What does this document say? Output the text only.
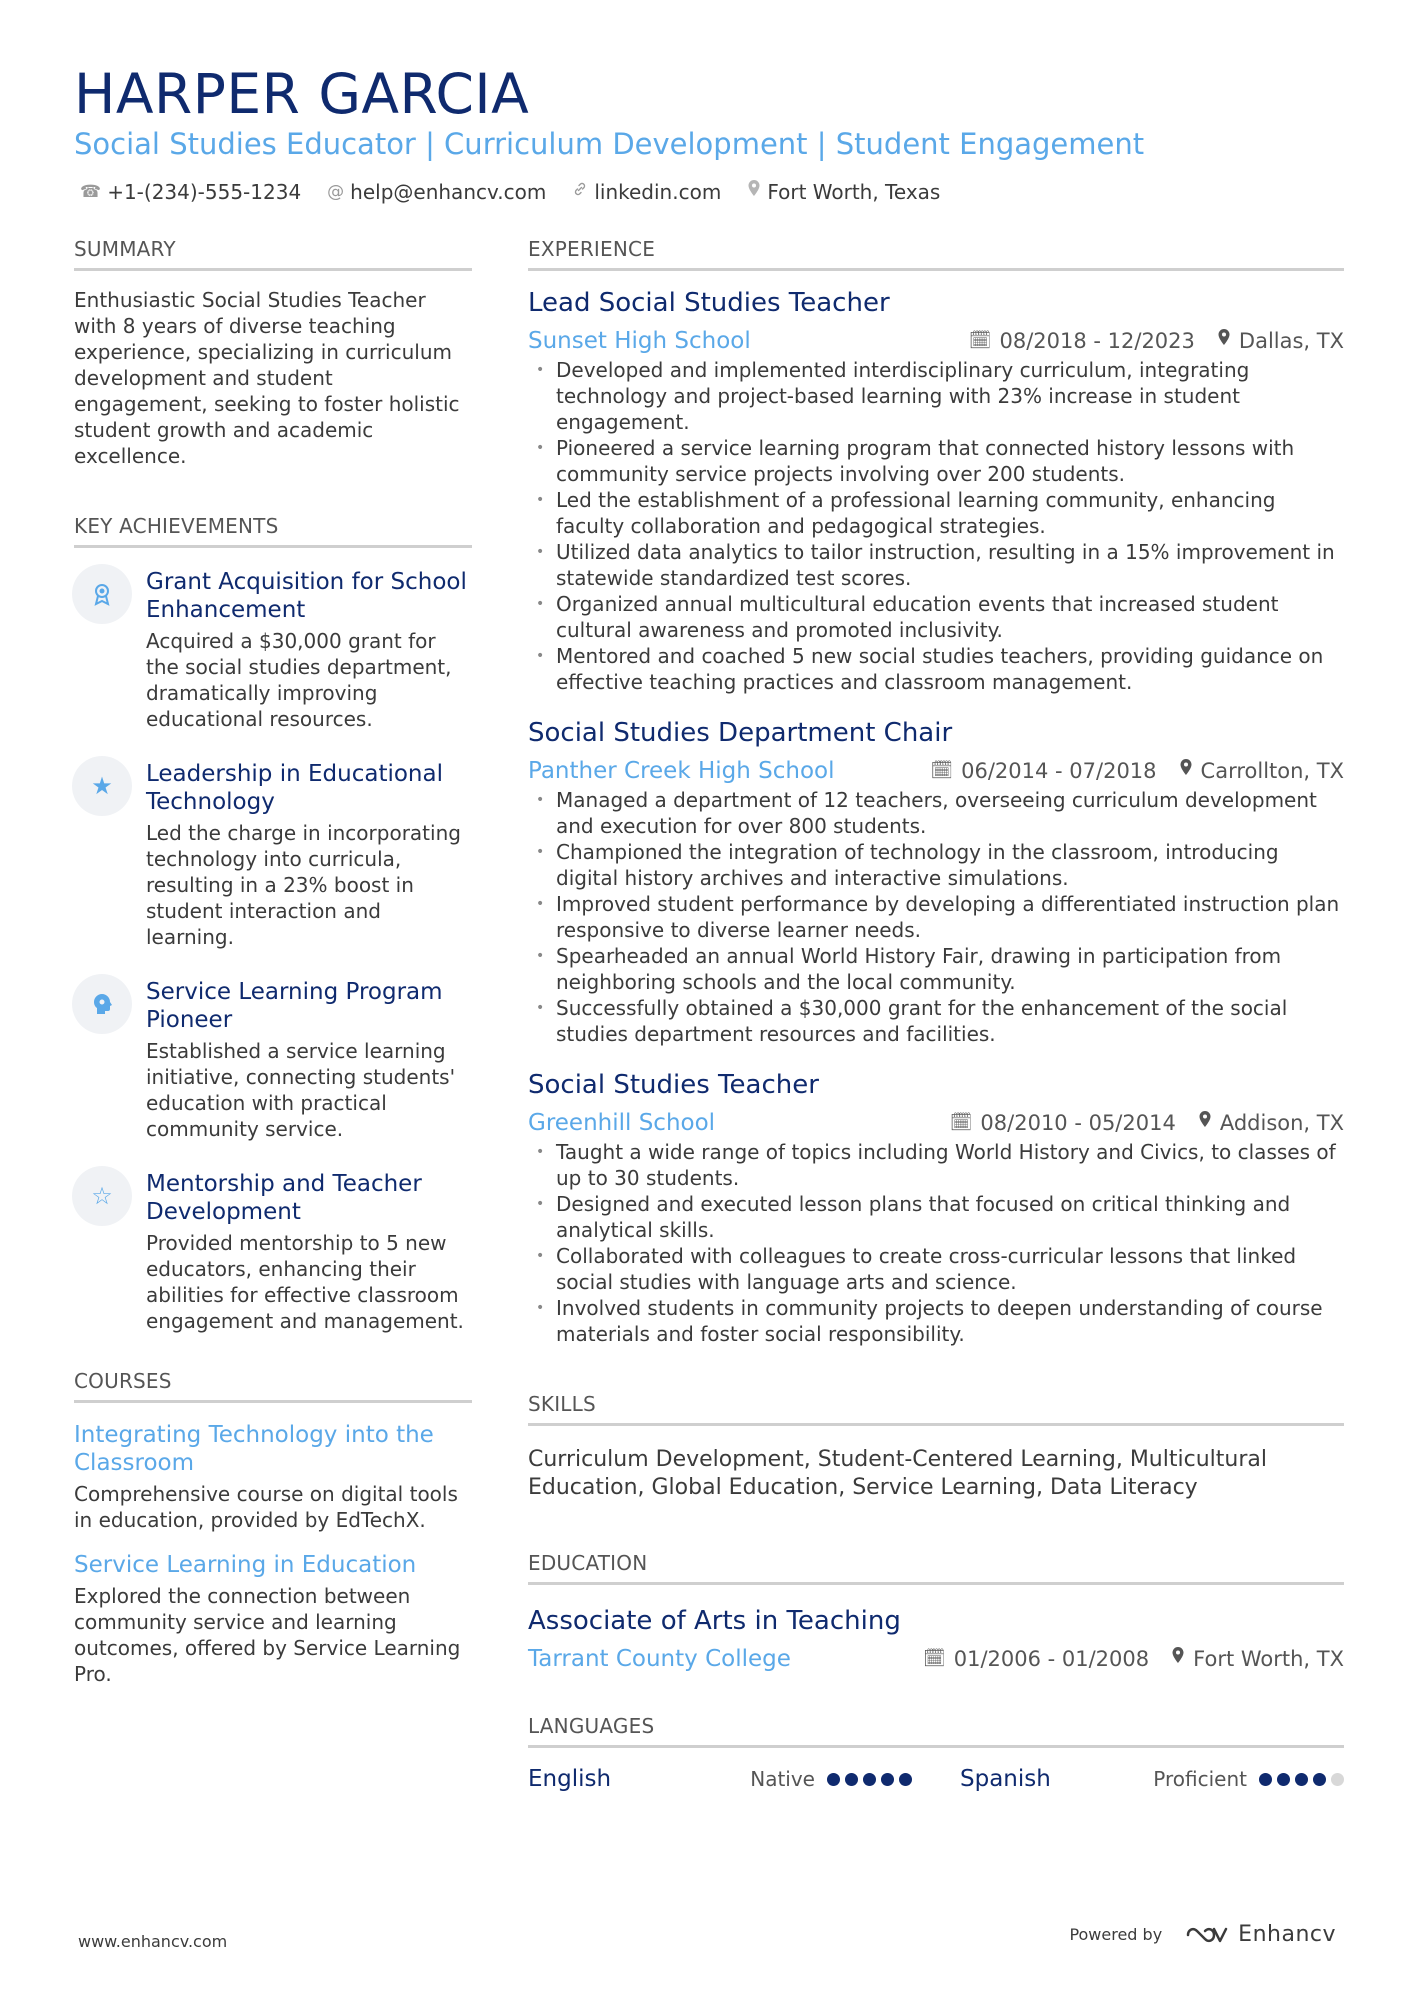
HARPER GARCIA

Social Studies Educator | Curriculum Development | Student Engagement

☎ +1-(234)-555-1234 @ help@enhancv.com linkedin.com Fort Worth, Texas
SUMMARY

Enthusiastic Social Studies Teacher with 8 years of diverse teaching experience, specializing in curriculum development and student engagement, seeking to foster holistic student growth and academic excellence.

KEY ACHIEVEMENTS
Grant Acquisition for School Enhancement

Acquired a $30,000 grant for the social studies department, dramatically improving educational resources.

★	Leadership in Educational Technology

Led the charge in incorporating technology into curricula, resulting in a 23% boost in student interaction and learning.

Service Learning Program Pioneer

Established a service learning initiative, connecting students' education with practical community service.

☆	Mentorship and Teacher Development

Provided mentorship to 5 new educators, enhancing their abilities for effective classroom engagement and management.

COURSES
Integrating Technology into the Classroom

Comprehensive course on digital tools in education, provided by EdTechX.

Service Learning in Education

Explored the connection between community service and learning outcomes, offered by Service Learning Pro.

EXPERIENCE
Lead Social Studies Teacher
Sunset High School	🗓 08/2018 - 12/2023 Dallas, TX
• Developed and implemented interdisciplinary curriculum, integrating technology and project-based learning with 23% increase in student engagement.
• Pioneered a service learning program that connected history lessons with community service projects involving over 200 students.
• Led the establishment of a professional learning community, enhancing faculty collaboration and pedagogical strategies.
• Utilized data analytics to tailor instruction, resulting in a 15% improvement in statewide standardized test scores.
• Organized annual multicultural education events that increased student cultural awareness and promoted inclusivity.
• Mentored and coached 5 new social studies teachers, providing guidance on effective teaching practices and classroom management.
Social Studies Department Chair
Panther Creek High School	🗓 06/2014 - 07/2018 Carrollton, TX
• Managed a department of 12 teachers, overseeing curriculum development and execution for over 800 students.
• Championed the integration of technology in the classroom, introducing digital history archives and interactive simulations.
• Improved student performance by developing a differentiated instruction plan responsive to diverse learner needs.
• Spearheaded an annual World History Fair, drawing in participation from neighboring schools and the local community.
• Successfully obtained a $30,000 grant for the enhancement of the social studies department resources and facilities.
Social Studies Teacher
Greenhill School	🗓 08/2010 - 05/2014 Addison, TX
• Taught a wide range of topics including World History and Civics, to classes of up to 30 students.
• Designed and executed lesson plans that focused on critical thinking and analytical skills.
• Collaborated with colleagues to create cross-curricular lessons that linked social studies with language arts and science.
• Involved students in community projects to deepen understanding of course materials and foster social responsibility.
SKILLS

Curriculum Development, Student-Centered Learning, Multicultural Education, Global Education, Service Learning, Data Literacy

EDUCATION
Associate of Arts in Teaching
Tarrant County College	🗓 01/2006 - 01/2008 Fort Worth, TX
LANGUAGES
English	Native	Spanish	Proficient
www.enhancv.com	Powered by	Enhancv
